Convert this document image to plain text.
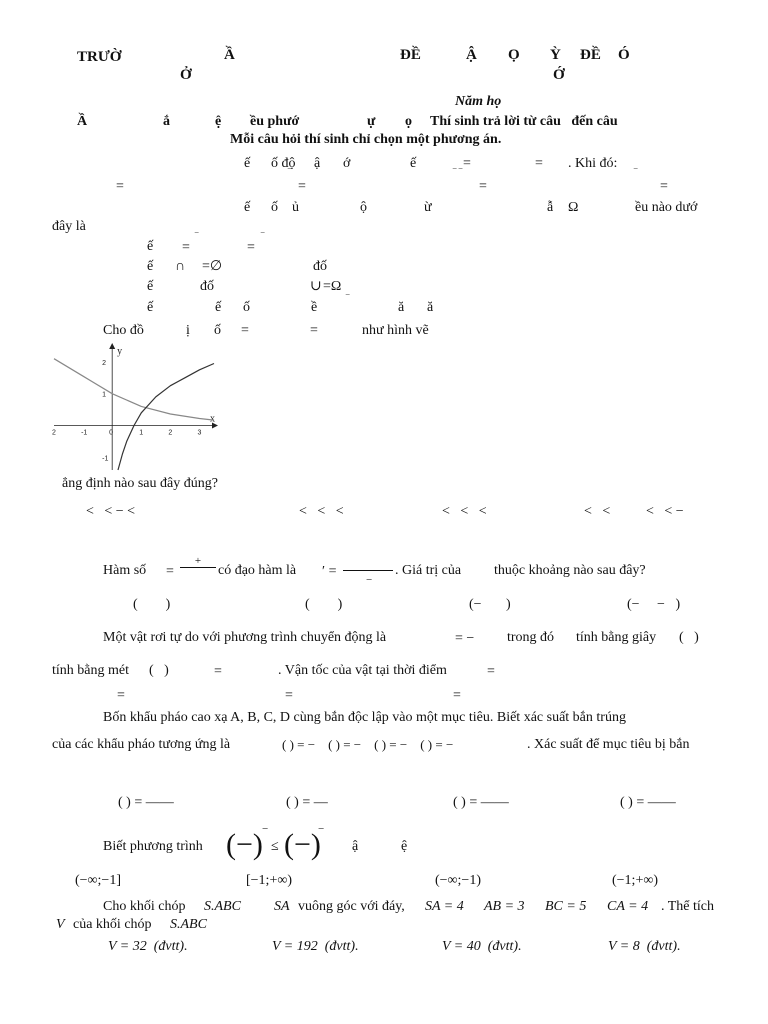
TRƯỜ	Ầ
Ở
ĐỀ	Ậ Ọ Ỳ ĐỀ
Ớ
Ó
Năm họ
Ầ	ắ	ệ ều phướ	ự ọ Thí sinh trả lời từ câu   đến câu
Mỗi câu hỏi thí sinh chỉ chọn một phương án.
ế ố độ ậ ớ	ế	=	= . Khi đó:
=
‾
=
‾ ‾
=
‾
=
ế ố ủ	ộ	ừ	ẫ Ω	ều nào dướ
đây là
ế =
‾
=
‾
ế ∩ =∅	đố
ế	đố	∪ =Ω
ế	ế ố	ề	‾	ă ă
Cho đồ	ị ố =	=	như hình vẽ
x
y
2	-1	0	1	2	3
2
1
-1
ẳng định nào sau đây đúng?
<   < − <	<   <   <	<   <   <	<   <	<   < −
Hàm số =
+
có đạo hàm là ′ =
−
. Giá trị của thuộc khoảng nào sau đây?
(        )	(        )	(−       )	(−     −   )
Một vật rơi tự do với phương trình chuyển động là	= − trong đó tính bằng giây (   )
tính bằng mét (   )	=	. Vận tốc của vật tại thời điểm	=
=	=	=
Bốn khẩu pháo cao xạ A, B, C, D cùng bắn độc lập vào một mục tiêu. Biết xác suất bắn trúng
của các khẩu pháo tương ứng là	( ) = −    ( ) = −    ( ) = −    ( ) = −	. Xác suất để mục tiêu bị bắn
( ) = ――	( ) = ―	( ) = ――	( ) = ――
Biết phương trình (−) −
≤ (−)
−
ậ	ệ
(−∞;−1]	[−1;+∞)	(−∞;−1)	(−1;+∞)
Cho khối chóp S.ABC SA vuông góc với đáy, SA = 4 AB = 3 BC = 5 CA = 4 . Thể tích
V của khối chóp S.ABC
V = 32  (đvtt).	V = 192  (đvtt).	V = 40  (đvtt).	V = 8  (đvtt).
